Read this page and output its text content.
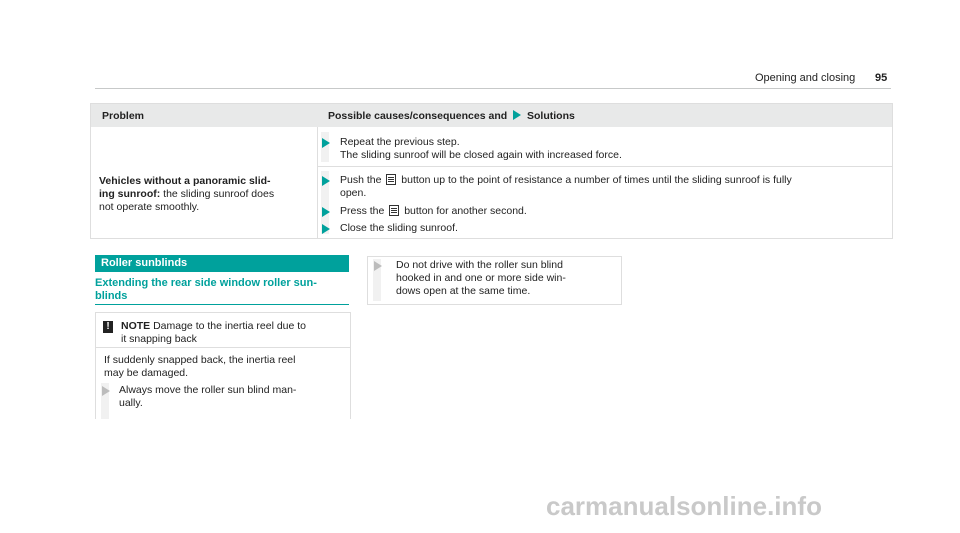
Opening and closing 95
Problem	Possible causes/consequences and Solutions
Repeat the previous step.
The sliding sunroof will be closed again with increased force.
Vehicles without a panoramic slid-
ing sunroof: the sliding sunroof does
not operate smoothly.
Push the button up to the point of resistance a number of times until the sliding sunroof is fully
open.
Press the button for another second.
Close the sliding sunroof.
Roller sunblinds
Extending the rear side window roller sun-
blinds
!	NOTE Damage to the inertia reel due to
it snapping back
If suddenly snapped back, the inertia reel
may be damaged.
Always move the roller sun blind man-
ually.
Do not drive with the roller sun blind
hooked in and one or more side win-
dows open at the same time.
carmanualsonline.info
